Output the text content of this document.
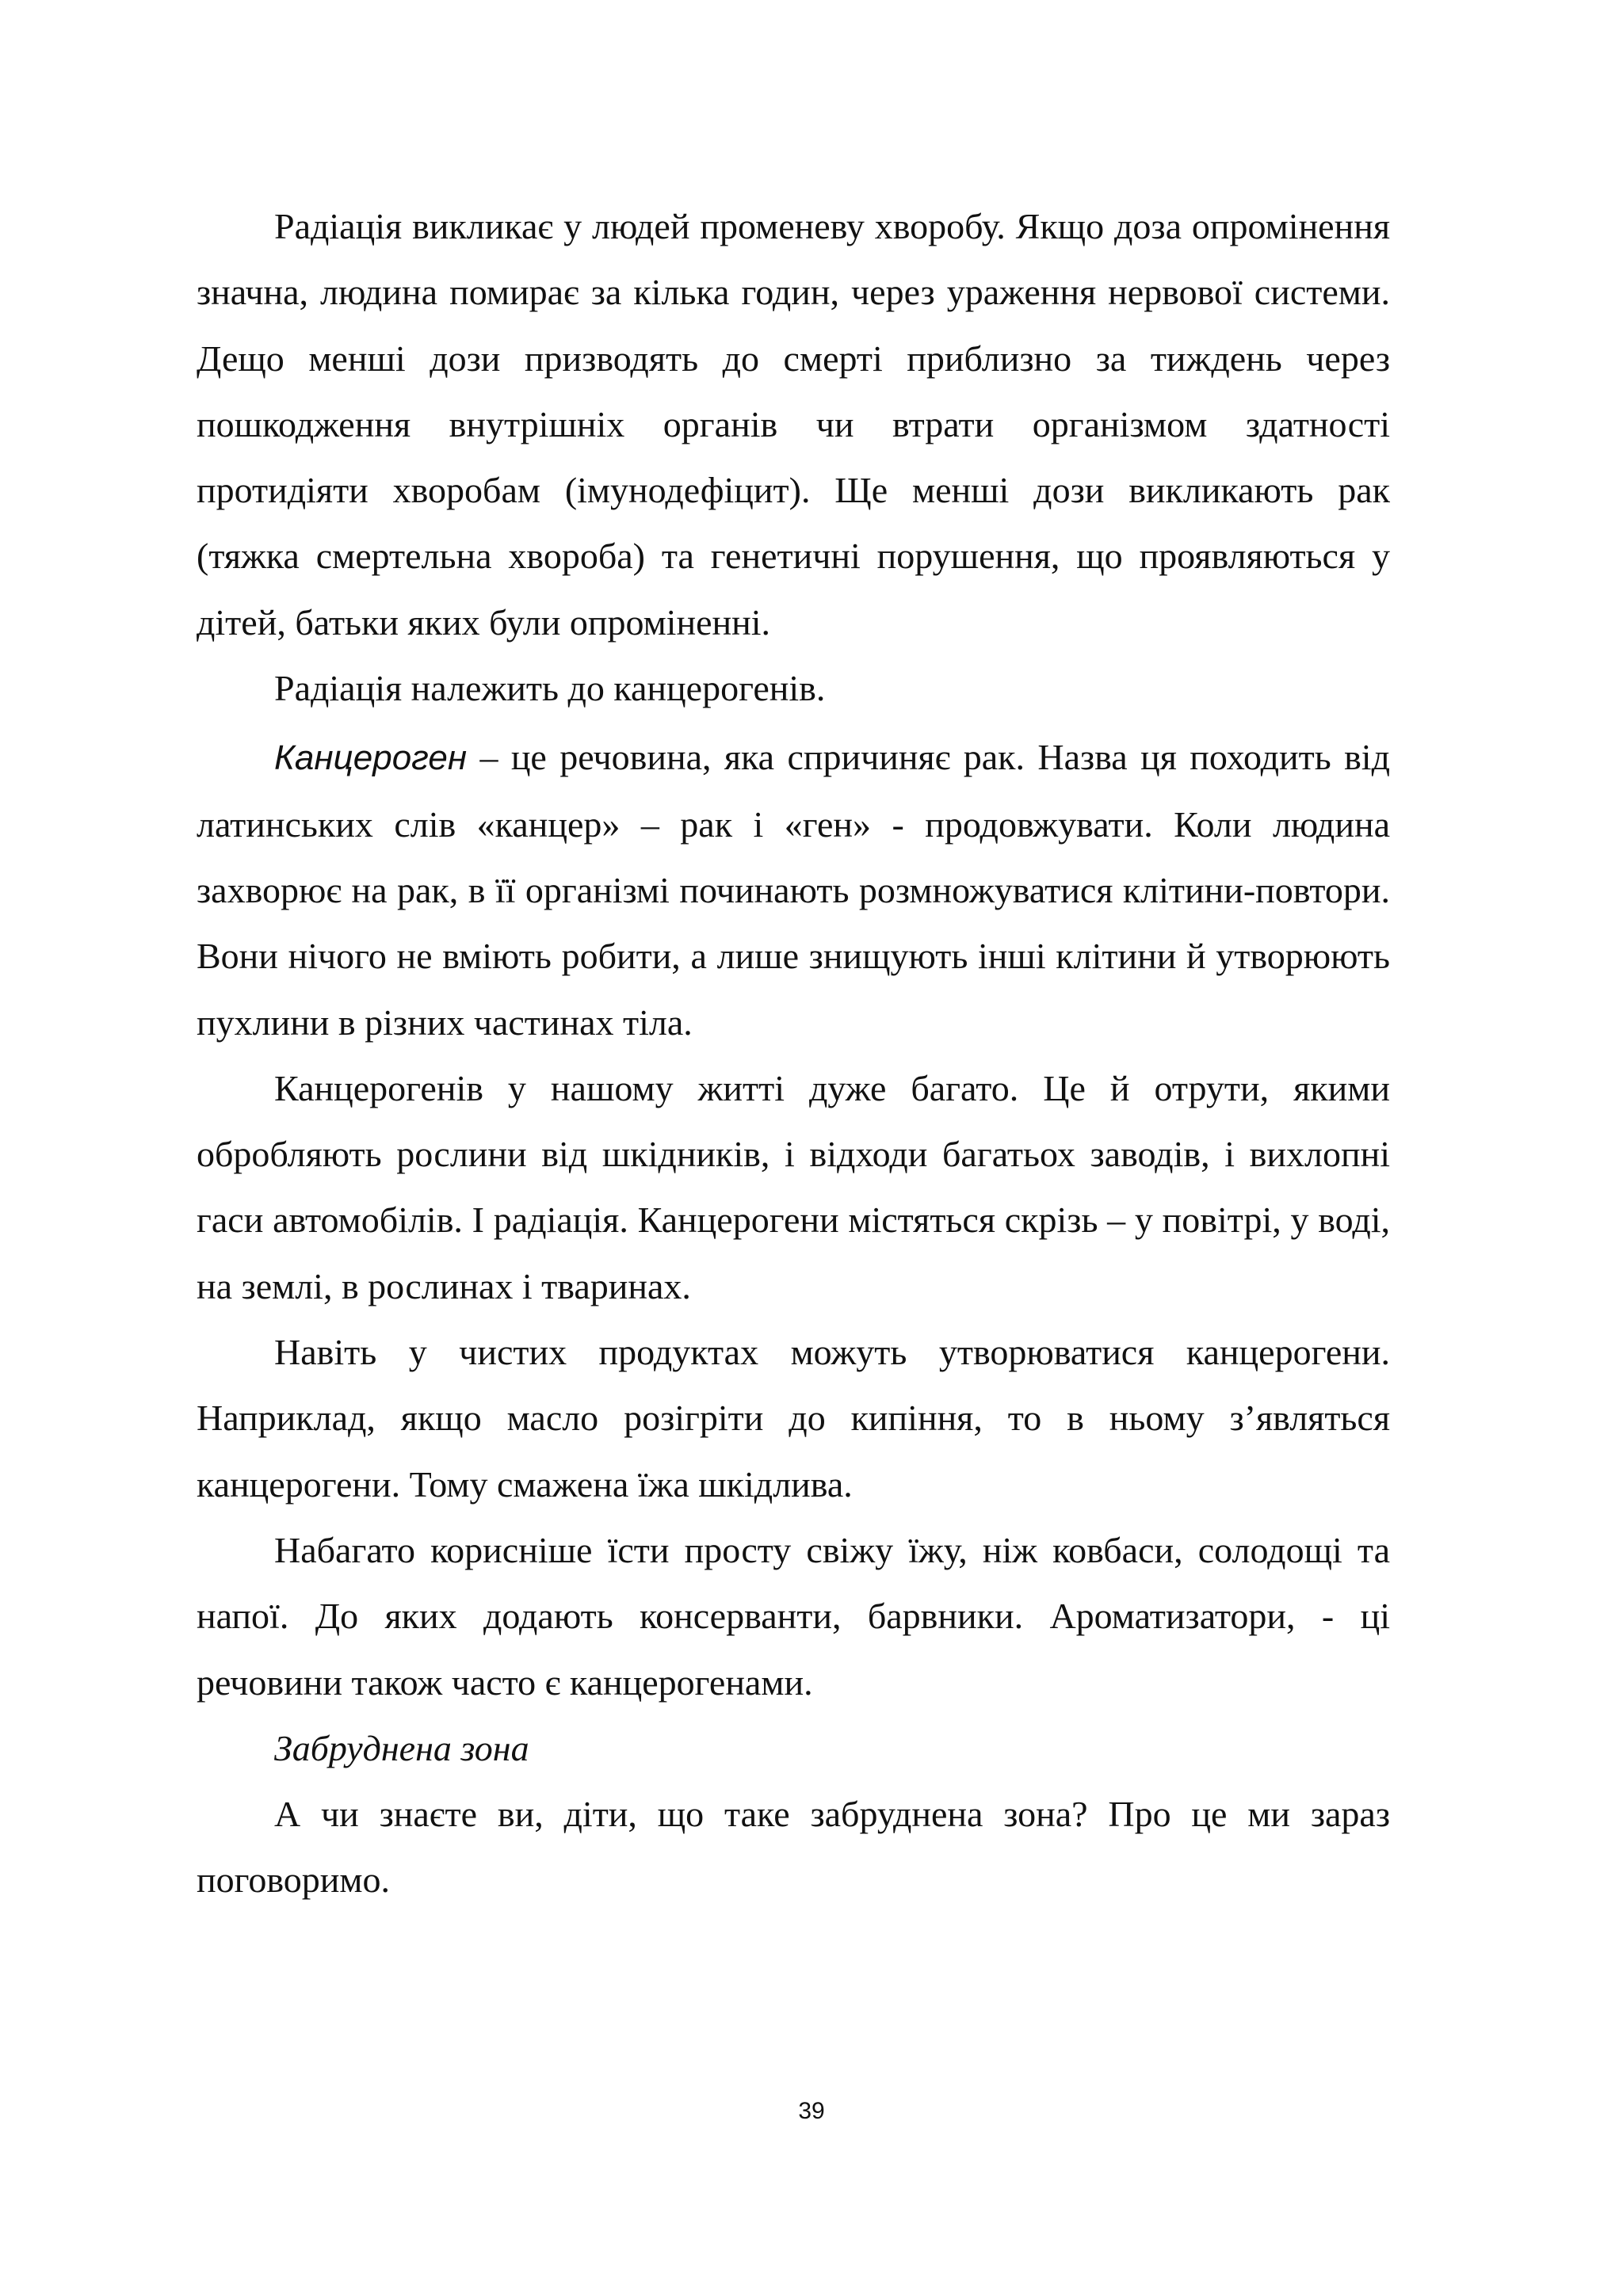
Радіація викликає у людей променеву хворобу. Якщо доза опромінення значна, людина помирає за кілька годин, через ураження нервової системи. Дещо менші дози призводять до смерті приблизно за тиждень через пошкодження внутрішніх органів чи втрати організмом здатності протидіяти хворобам (імунодефіцит). Ще менші дози викликають рак (тяжка смертельна хвороба) та генетичні порушення, що проявляються у дітей, батьки яких були опроміненні.

Радіація належить до канцерогенів.

Канцероген – це речовина, яка спричиняє рак. Назва ця походить від латинських слів «канцер» – рак і «ген» - продовжувати. Коли людина захворює на рак, в її організмі починають розмножуватися клітини-повтори. Вони нічого не вміють робити, а лише знищують інші клітини й утворюють пухлини в різних частинах тіла.

Канцерогенів у нашому житті дуже багато. Це й отрути, якими обробляють рослини від шкідників, і відходи багатьох заводів, і вихлопні гаси автомобілів. І радіація. Канцерогени містяться скрізь – у повітрі, у воді, на землі, в рослинах і тваринах.

Навіть у чистих продуктах можуть утворюватися канцерогени. Наприклад, якщо масло розігріти до кипіння, то в ньому з’являться канцерогени. Тому смажена їжа шкідлива.

Набагато корисніше їсти просту свіжу їжу, ніж ковбаси, солодощі та напої. До яких додають консерванти, барвники. Ароматизатори, - ці речовини також часто є канцерогенами.

Забруднена зона

А чи знаєте ви, діти, що таке забруднена зона? Про це ми зараз поговоримо.

39
